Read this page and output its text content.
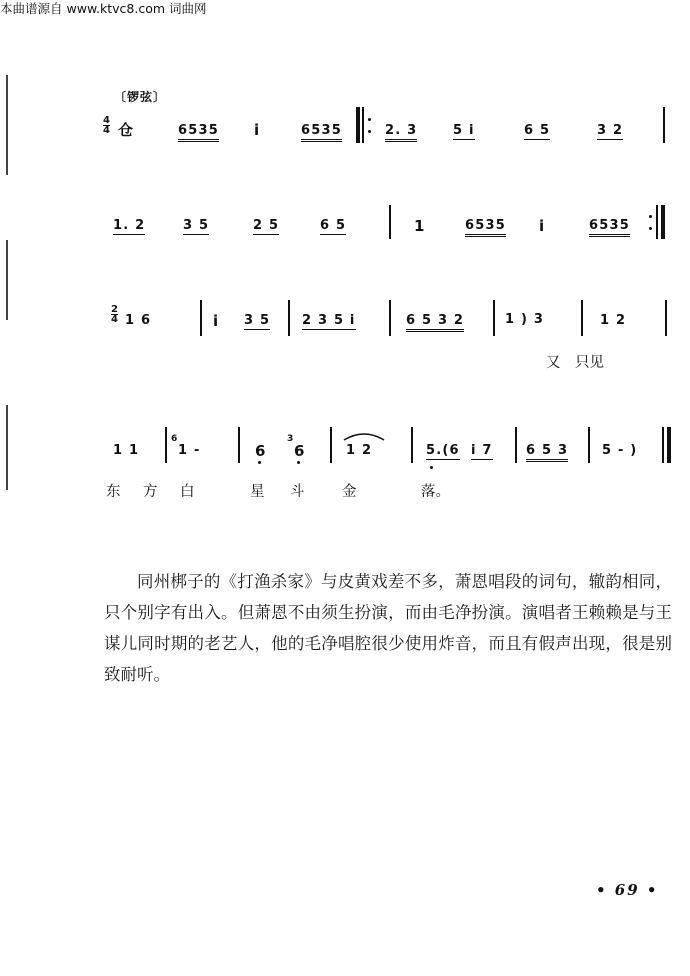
本曲谱源自 www.ktvc8.com 词曲网
〔锣弦〕
$\frac{4}{4}$ 仓	6535 i	6535	2. 3	5 i	6 5	3 2
1. 2	3 5	2 5	6 5	1	6535 i	6535
$\frac{2}{4} 1$ 6	i 3 5 2 3 5 i	6 5 3 2	1 ) 3	1 2
又　只见
1 1
6
1 -	6
3
6	1 2	5.(6 i 7	6 5 3	5 - )
东 方 白	星 斗	金	落。

同州梆子的《打渔杀家》与皮黄戏差不多，萧恩唱段的词句，辙韵相同，只个别字有出入。但萧恩不由须生扮演，而由毛净扮演。演唱者王赖赖是与王谋儿同时期的老艺人，他的毛净唱腔很少使用炸音，而且有假声出现，很是别致耐听。

• 69 •
